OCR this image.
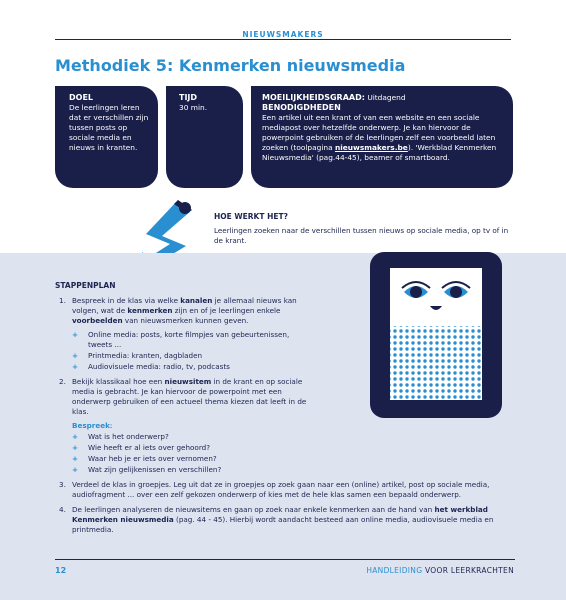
NIEUWSMAKERS
Methodiek 5: Kenmerken nieuwsmedia
DOEL
De leerlingen leren dat er verschillen zijn tussen posts op sociale media en nieuws in kranten.
TIJD
30 min.
MOEILIJKHEIDSGRAAD: Uitdagend
BENODIGDHEDEN
Een artikel uit een krant of van een website en een sociale mediapost over hetzelfde onderwerp. Je kan hiervoor de powerpoint gebruiken of de leerlingen zelf een voorbeeld laten zoeken (toolpagina nieuwsmakers.be). 'Werkblad Kenmerken Nieuwsmedia' (pag.44-45), beamer of smartboard.
HOE WERKT HET?
Leerlingen zoeken naar de verschillen tussen nieuws op sociale media, op tv of in de krant.
STAPPENPLAN
1. Bespreek in de klas via welke kanalen je allemaal nieuws kan volgen, wat de kenmerken zijn en of je leerlingen enkele voorbeelden van nieuwsmerken kunnen geven.
+ Online media: posts, korte filmpjes van gebeurtenissen, tweets ...
+ Printmedia: kranten, dagbladen
+ Audiovisuele media: radio, tv, podcasts
2. Bekijk klassikaal hoe een nieuwsitem in de krant en op sociale media is gebracht. Je kan hiervoor de powerpoint met een onderwerp gebruiken of een actueel thema kiezen dat leeft in de klas.
Bespreek:
+ Wat is het onderwerp?
+ Wie heeft er al iets over gehoord?
+ Waar heb je er iets over vernomen?
+ Wat zijn gelijkenissen en verschillen?
3. Verdeel de klas in groepjes. Leg uit dat ze in groepjes op zoek gaan naar een (online) artikel, post op sociale media, audiofragment ... over een zelf gekozen onderwerp of kies met de hele klas samen een bepaald onderwerp.
4. De leerlingen analyseren de nieuwsitems en gaan op zoek naar enkele kenmerken aan de hand van het werkblad Kenmerken nieuwsmedia (pag. 44 - 45). Hierbij wordt aandacht besteed aan online media, audiovisuele media en printmedia.
12	HANDLEIDING VOOR LEERKRACHTEN
